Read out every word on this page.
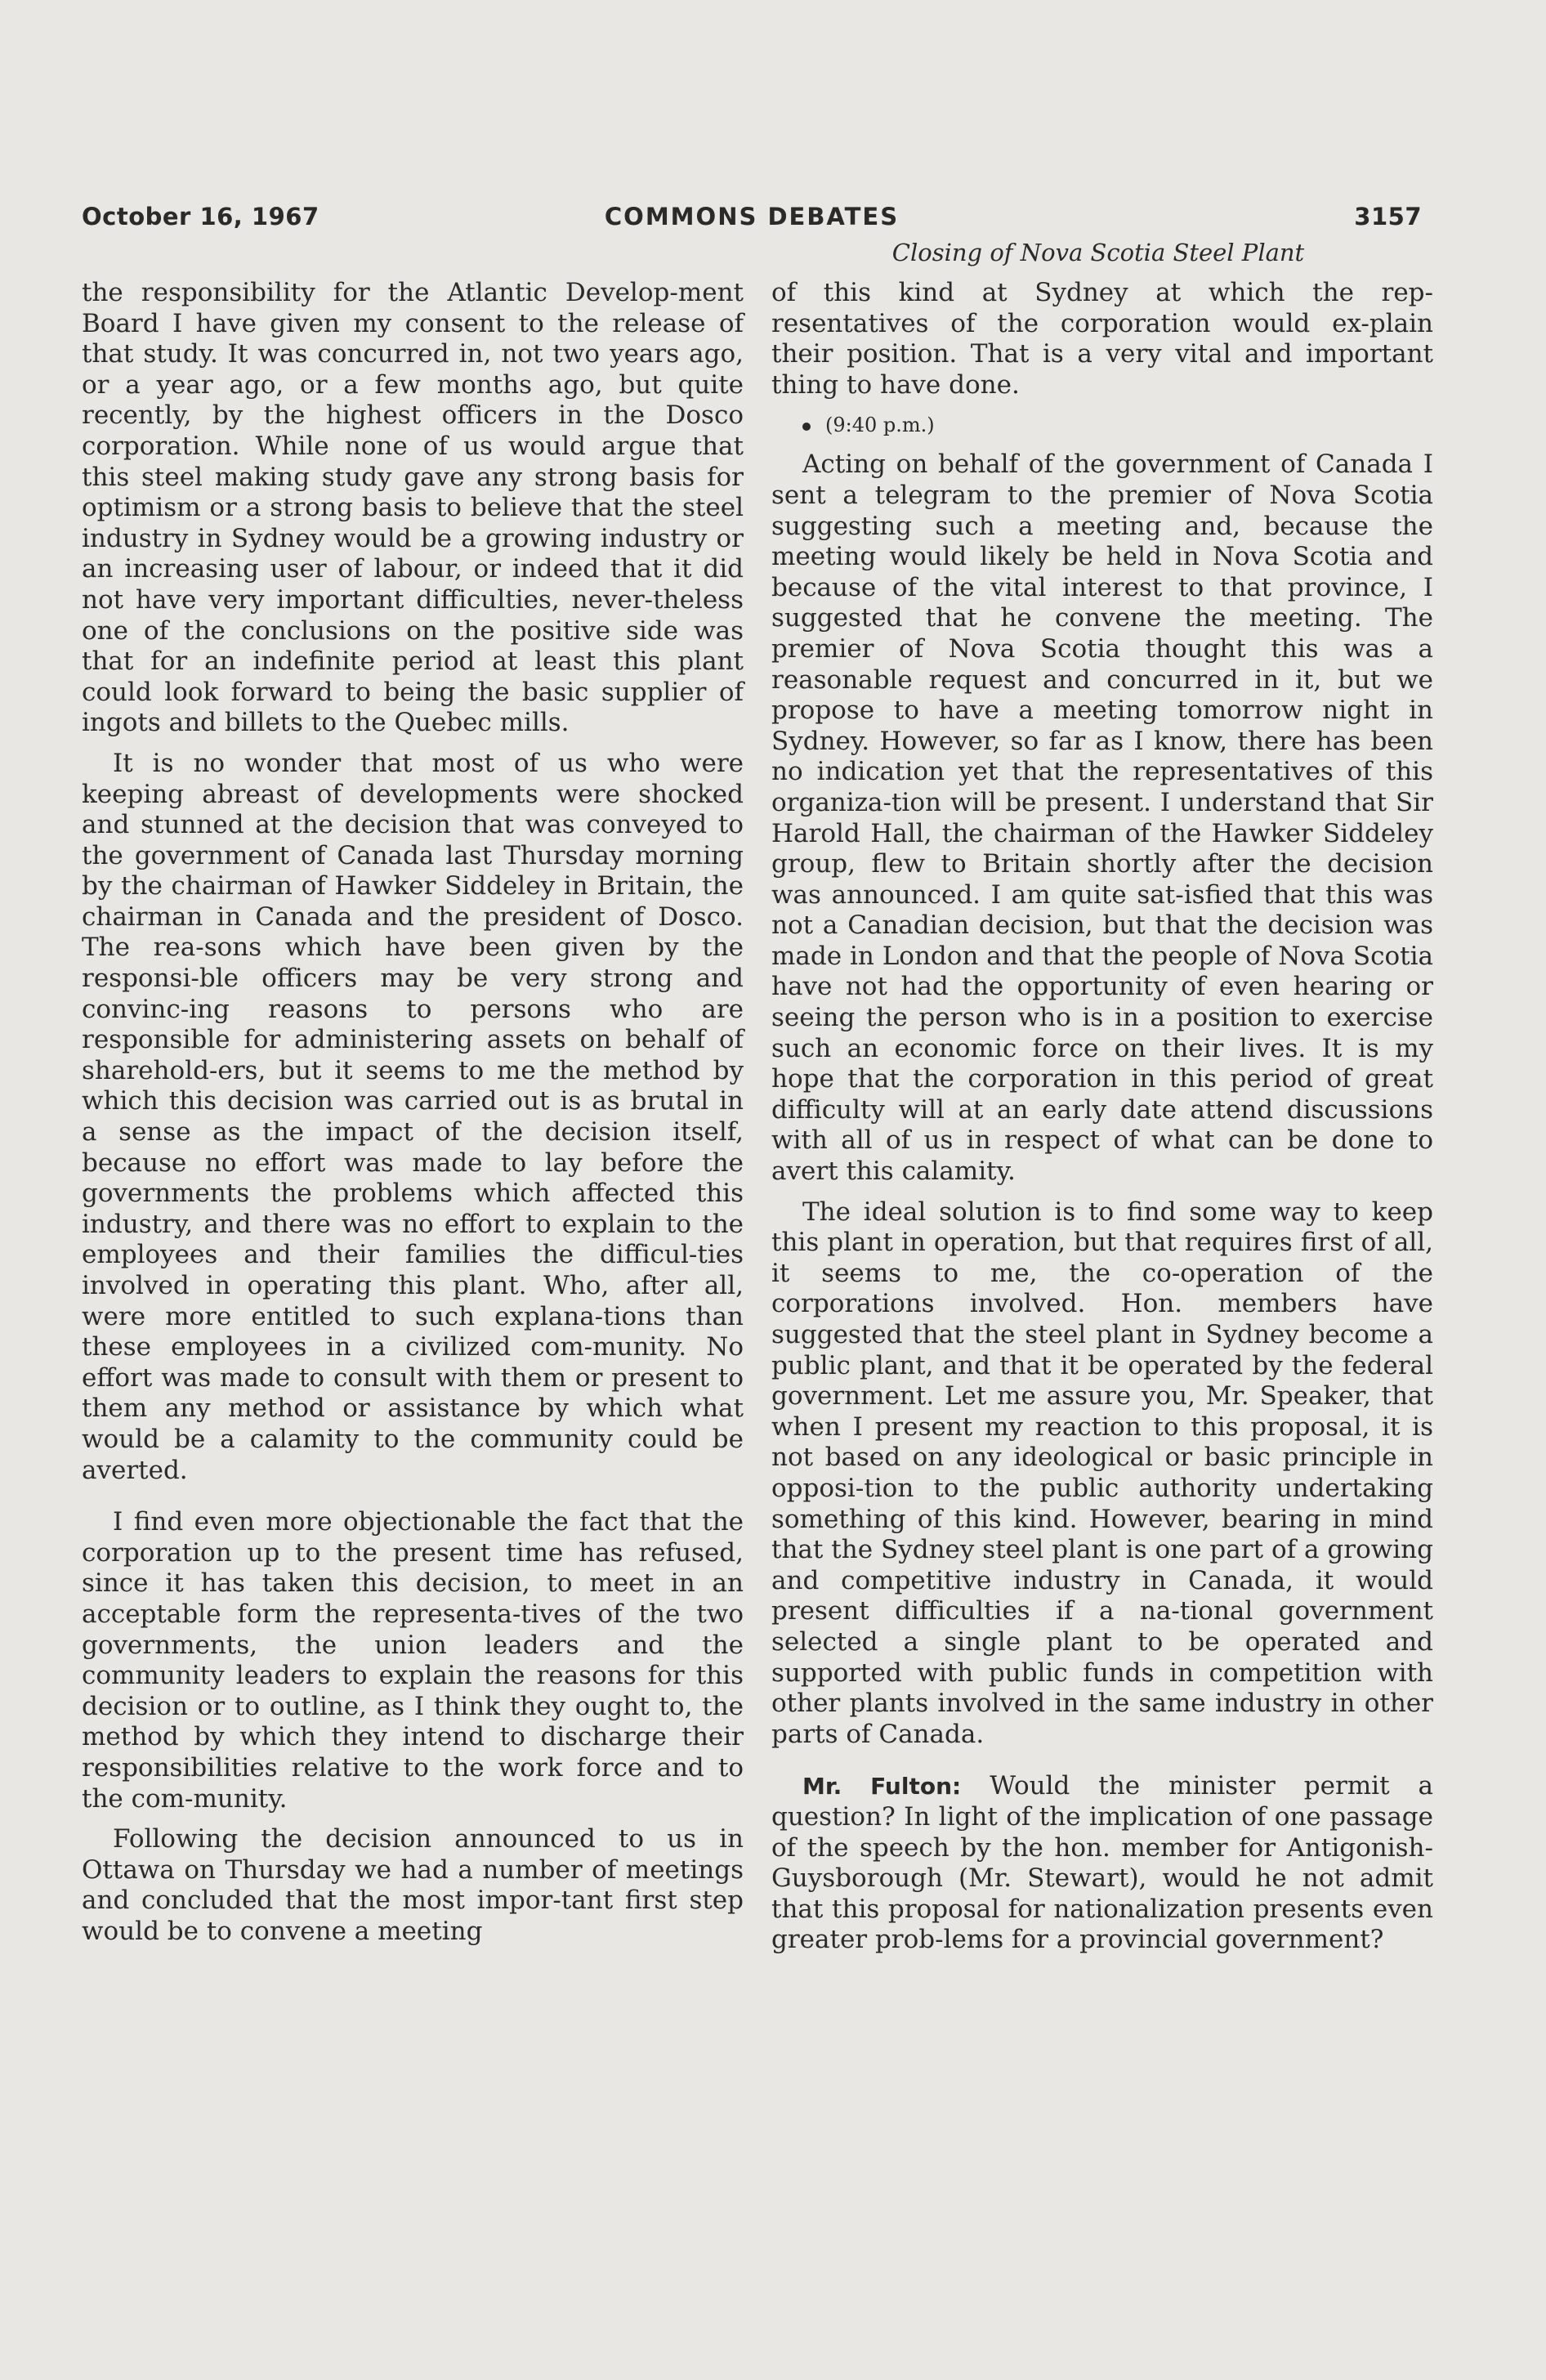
October 16, 1967	COMMONS DEBATES	3157
Closing of Nova Scotia Steel Plant

the responsibility for the Atlantic Develop-ment Board I have given my consent to the release of that study. It was concurred in, not two years ago, or a year ago, or a few months ago, but quite recently, by the highest officers in the Dosco corporation. While none of us would argue that this steel making study gave any strong basis for optimism or a strong basis to believe that the steel industry in Sydney would be a growing industry or an increasing user of labour, or indeed that it did not have very important difficulties, never-theless one of the conclusions on the positive side was that for an indefinite period at least this plant could look forward to being the basic supplier of ingots and billets to the Quebec mills.

It is no wonder that most of us who were keeping abreast of developments were shocked and stunned at the decision that was conveyed to the government of Canada last Thursday morning by the chairman of Hawker Siddeley in Britain, the chairman in Canada and the president of Dosco. The rea-sons which have been given by the responsi-ble officers may be very strong and convinc-ing reasons to persons who are responsible for administering assets on behalf of sharehold-ers, but it seems to me the method by which this decision was carried out is as brutal in a sense as the impact of the decision itself, because no effort was made to lay before the governments the problems which affected this industry, and there was no effort to explain to the employees and their families the difficul-ties involved in operating this plant. Who, after all, were more entitled to such explana-tions than these employees in a civilized com-munity. No effort was made to consult with them or present to them any method or assistance by which what would be a calamity to the community could be averted.

I find even more objectionable the fact that the corporation up to the present time has refused, since it has taken this decision, to meet in an acceptable form the representa-tives of the two governments, the union leaders and the community leaders to explain the reasons for this decision or to outline, as I think they ought to, the method by which they intend to discharge their responsibilities relative to the work force and to the com-munity.

Following the decision announced to us in Ottawa on Thursday we had a number of meetings and concluded that the most impor-tant first step would be to convene a meeting

of this kind at Sydney at which the rep-resentatives of the corporation would ex-plain their position. That is a very vital and important thing to have done.

(9:40 p.m.)

Acting on behalf of the government of Canada I sent a telegram to the premier of Nova Scotia suggesting such a meeting and, because the meeting would likely be held in Nova Scotia and because of the vital interest to that province, I suggested that he convene the meeting. The premier of Nova Scotia thought this was a reasonable request and concurred in it, but we propose to have a meeting tomorrow night in Sydney. However, so far as I know, there has been no indication yet that the representatives of this organiza-tion will be present. I understand that Sir Harold Hall, the chairman of the Hawker Siddeley group, flew to Britain shortly after the decision was announced. I am quite sat-isfied that this was not a Canadian decision, but that the decision was made in London and that the people of Nova Scotia have not had the opportunity of even hearing or seeing the person who is in a position to exercise such an economic force on their lives. It is my hope that the corporation in this period of great difficulty will at an early date attend discussions with all of us in respect of what can be done to avert this calamity.

The ideal solution is to find some way to keep this plant in operation, but that requires first of all, it seems to me, the co-operation of the corporations involved. Hon. members have suggested that the steel plant in Sydney become a public plant, and that it be operated by the federal government. Let me assure you, Mr. Speaker, that when I present my reaction to this proposal, it is not based on any ideological or basic principle in opposi-tion to the public authority undertaking something of this kind. However, bearing in mind that the Sydney steel plant is one part of a growing and competitive industry in Canada, it would present difficulties if a na-tional government selected a single plant to be operated and supported with public funds in competition with other plants involved in the same industry in other parts of Canada.

Mr. Fulton: Would the minister permit a question? In light of the implication of one passage of the speech by the hon. member for Antigonish-Guysborough (Mr. Stewart), would he not admit that this proposal for nationalization presents even greater prob-lems for a provincial government?
